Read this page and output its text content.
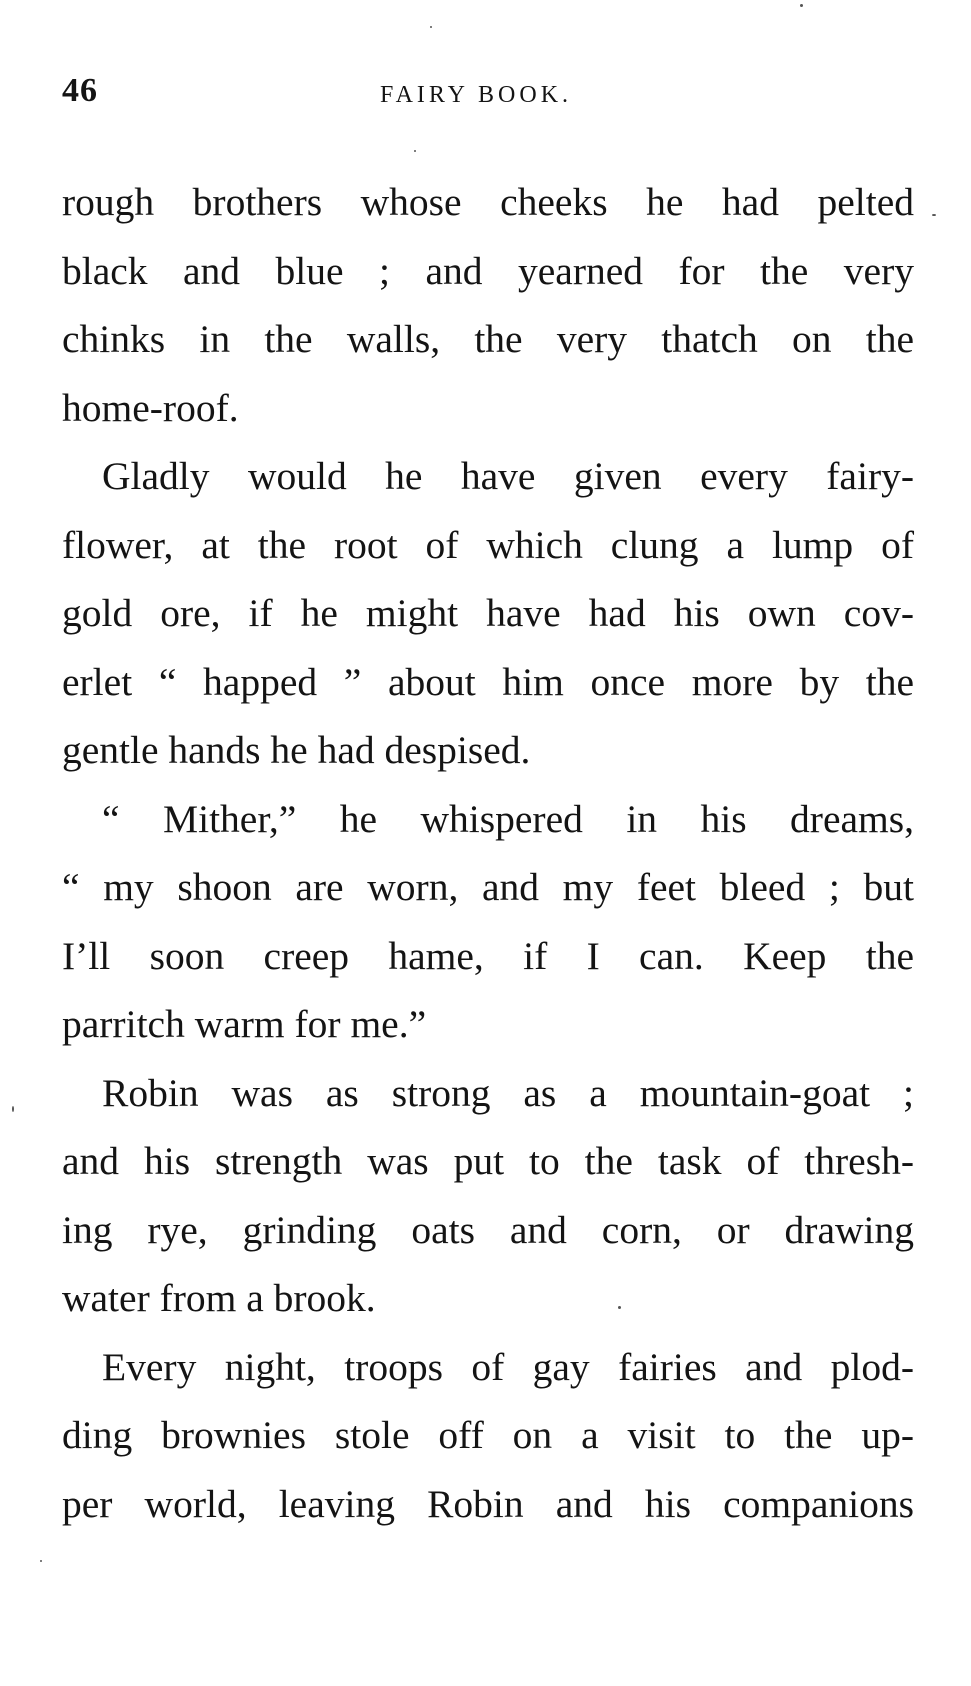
46	FAIRY BOOK.
rough brothers whose cheeks he had pelted
black and blue ; and yearned for the very
chinks in the walls, the very thatch on the
home-roof.
Gladly would he have given every fairy-
flower, at the root of which clung a lump of
gold ore, if he might have had his own cov-
erlet “ happed ” about him once more by the
gentle hands he had despised.
“ Mither,” he whispered in his dreams,
“ my shoon are worn, and my feet bleed ; but
I’ll soon creep hame, if I can. Keep the
parritch warm for me.”
Robin was as strong as a mountain-goat ;
and his strength was put to the task of thresh-
ing rye, grinding oats and corn, or drawing
water from a brook.
Every night, troops of gay fairies and plod-
ding brownies stole off on a visit to the up-
per world, leaving Robin and his companions
